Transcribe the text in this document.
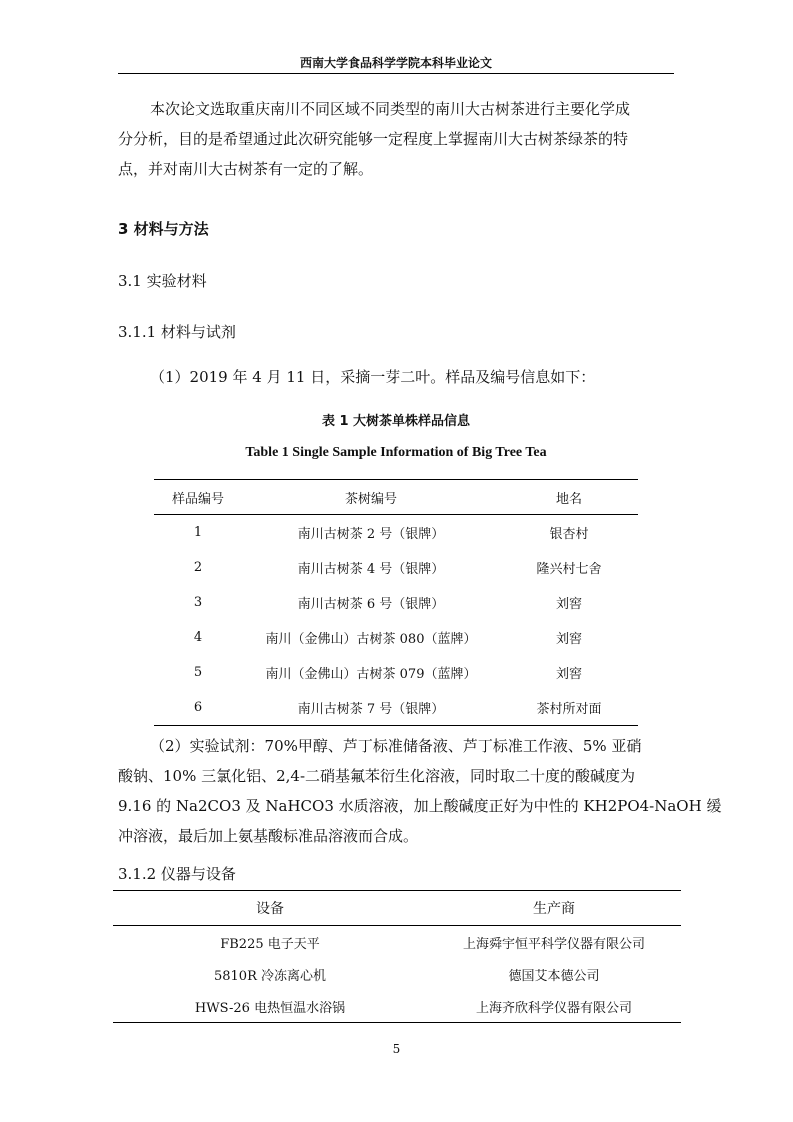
西南大学食品科学学院本科毕业论文
本次论文选取重庆南川不同区域不同类型的南川大古树茶进行主要化学成
分分析，目的是希望通过此次研究能够一定程度上掌握南川大古树茶绿茶的特
点，并对南川大古树茶有一定的了解。
3 材料与方法
3.1 实验材料
3.1.1 材料与试剂
（1）2019 年 4 月 11 日，采摘一芽二叶。样品及编号信息如下：
表 1 大树茶单株样品信息
Table 1 Single Sample Information of Big Tree Tea
样品编号	茶树编号	地名
1	南川古树茶 2 号（银牌）	银杏村
2	南川古树茶 4 号（银牌）	隆兴村七舍
3	南川古树茶 6 号（银牌）	刘窖
4	南川（金佛山）古树茶 080（蓝牌）	刘窖
5	南川（金佛山）古树茶 079（蓝牌）	刘窖
6	南川古树茶 7 号（银牌）	茶村所对面
（2）实验试剂：70%甲醇、芦丁标准储备液、芦丁标准工作液、5% 亚硝
酸钠、10% 三氯化铝、2,4-二硝基氟苯衍生化溶液，同时取二十度的酸碱度为
9.16 的 Na2CO3 及 NaHCO3 水质溶液，加上酸碱度正好为中性的 KH2PO4-NaOH 缓
冲溶液，最后加上氨基酸标准品溶液而合成。
3.1.2 仪器与设备
设备	生产商
FB225 电子天平	上海舜宇恒平科学仪器有限公司
5810R 冷冻离心机	德国艾本德公司
HWS-26 电热恒温水浴锅	上海齐欣科学仪器有限公司
5
